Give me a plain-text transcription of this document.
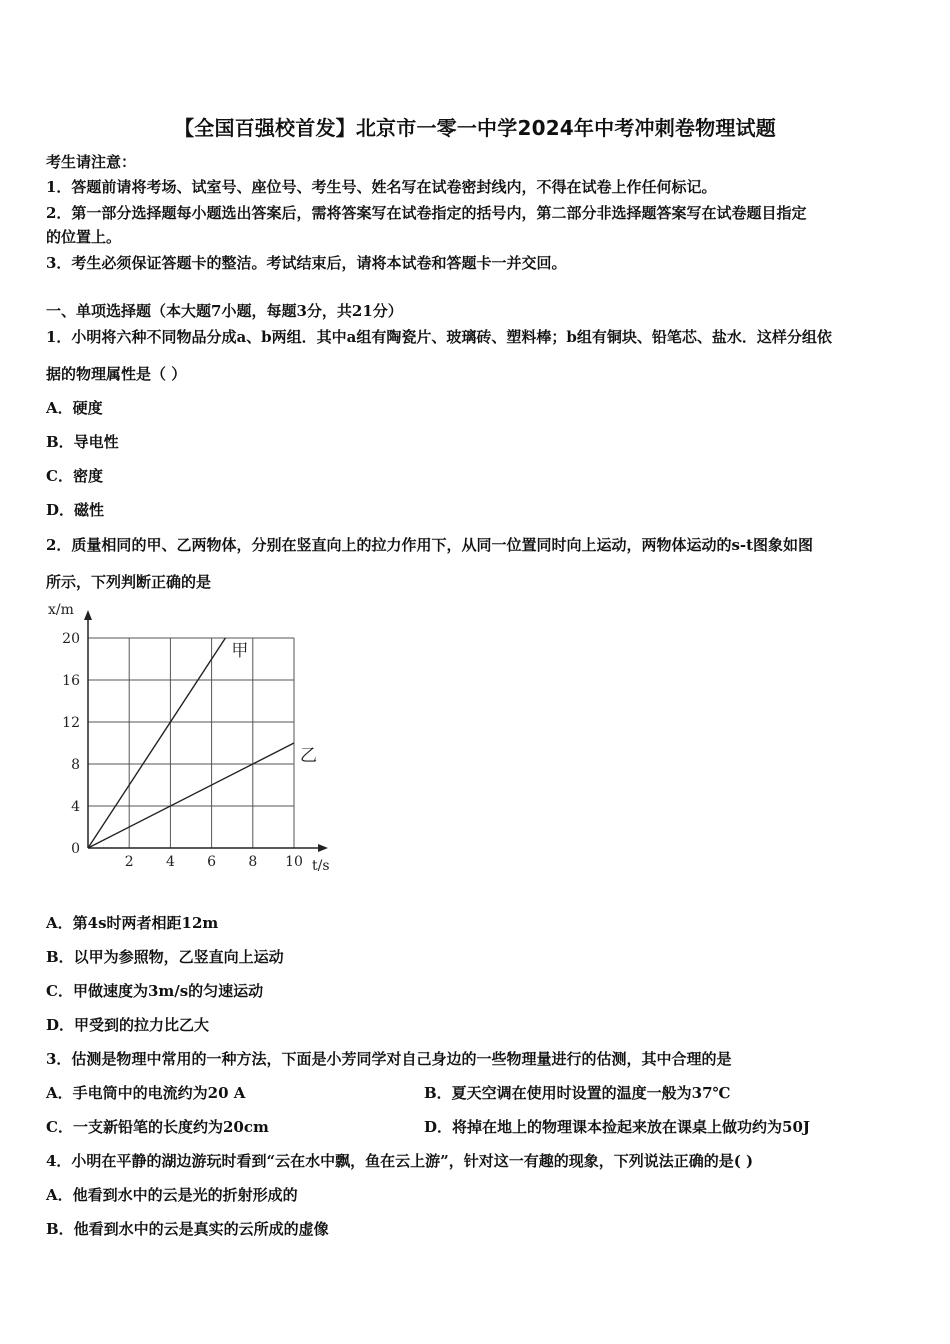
【全国百强校首发】北京市一零一中学2024年中考冲刺卷物理试题
考生请注意：
1．答题前请将考场、试室号、座位号、考生号、姓名写在试卷密封线内，不得在试卷上作任何标记。
2．第一部分选择题每小题选出答案后，需将答案写在试卷指定的括号内，第二部分非选择题答案写在试卷题目指定
的位置上。
3．考生必须保证答题卡的整洁。考试结束后，请将本试卷和答题卡一并交回。
一、单项选择题（本大题7小题，每题3分，共21分）
1．小明将六种不同物品分成a、b两组．其中a组有陶瓷片、玻璃砖、塑料棒；b组有铜块、铅笔芯、盐水．这样分组依
据的物理属性是（ ）
A．硬度
B．导电性
C．密度
D．磁性
2．质量相同的甲、乙两物体，分别在竖直向上的拉力作用下，从同一位置同时向上运动，两物体运动的s-t图象如图
所示，下列判断正确的是
2 4 6 8 10
0
4
8
12
16
20
x/m
t/s
甲
乙
A．第4s时两者相距12m
B．以甲为参照物，乙竖直向上运动
C．甲做速度为3m/s的匀速运动
D．甲受到的拉力比乙大
3．估测是物理中常用的一种方法，下面是小芳同学对自己身边的一些物理量进行的估测，其中合理的是
A．手电筒中的电流约为20 A	B．夏天空调在使用时设置的温度一般为37℃
C．一支新铅笔的长度约为20cm	D．将掉在地上的物理课本捡起来放在课桌上做功约为50J
4．小明在平静的湖边游玩时看到“云在水中飘，鱼在云上游”，针对这一有趣的现象，下列说法正确的是( )
A．他看到水中的云是光的折射形成的
B．他看到水中的云是真实的云所成的虚像
